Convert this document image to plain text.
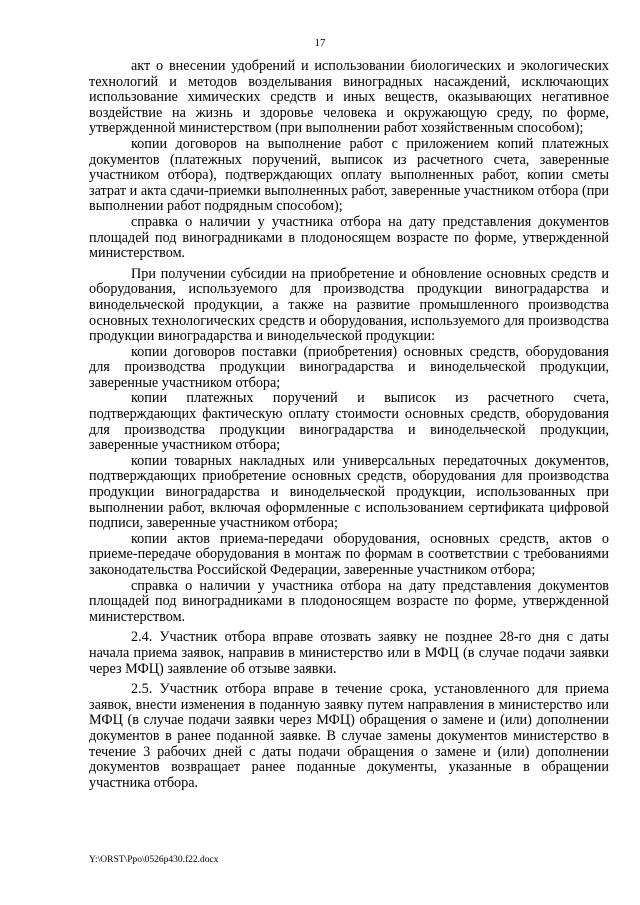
17

акт о внесении удобрений и использовании биологических и экологических технологий и методов возделывания виноградных насаждений, исключающих использование химических средств и иных веществ, оказывающих негативное воздействие на жизнь и здоровье человека и окружающую среду, по форме, утвержденной министерством (при выполнении работ хозяйственным способом);

копии договоров на выполнение работ с приложением копий платежных документов (платежных поручений, выписок из расчетного счета, заверенные участником отбора), подтверждающих оплату выполненных работ, копии сметы затрат и акта сдачи-приемки выполненных работ, заверенные участником отбора (при выполнении работ подрядным способом);

справка о наличии у участника отбора на дату представления документов площадей под виноградниками в плодоносящем возрасте по форме, утвержденной министерством.

При получении субсидии на приобретение и обновление основных средств и оборудования, используемого для производства продукции виноградарства и винодельческой продукции, а также на развитие промышленного производства основных технологических средств и оборудования, используемого для производства продукции виноградарства и винодельческой продукции:

копии договоров поставки (приобретения) основных средств, оборудования для производства продукции виноградарства и винодельческой продукции, заверенные участником отбора;

копии платежных поручений и выписок из расчетного счета, подтверждающих фактическую оплату стоимости основных средств, оборудования для производства продукции виноградарства и винодельческой продукции, заверенные участником отбора;

копии товарных накладных или универсальных передаточных документов, подтверждающих приобретение основных средств, оборудования для производства продукции виноградарства и винодельческой продукции, использованных при выполнении работ, включая оформленные с использованием сертификата цифровой подписи, заверенные участником отбора;

копии актов приема-передачи оборудования, основных средств, актов о приеме-передаче оборудования в монтаж по формам в соответствии с требованиями законодательства Российской Федерации, заверенные участником отбора;

справка о наличии у участника отбора на дату представления документов площадей под виноградниками в плодоносящем возрасте по форме, утвержденной министерством.

2.4. Участник отбора вправе отозвать заявку не позднее 28-го дня с даты начала приема заявок, направив в министерство или в МФЦ (в случае подачи заявки через МФЦ) заявление об отзыве заявки.

2.5. Участник отбора вправе в течение срока, установленного для приема заявок, внести изменения в поданную заявку путем направления в министерство или МФЦ (в случае подачи заявки через МФЦ) обращения о замене и (или) дополнении документов в ранее поданной заявке. В случае замены документов министерство в течение 3 рабочих дней с даты подачи обращения о замене и (или) дополнении документов возвращает ранее поданные документы, указанные в обращении участника отбора.

Y:\ORST\Ppo\0526p430.f22.docx
